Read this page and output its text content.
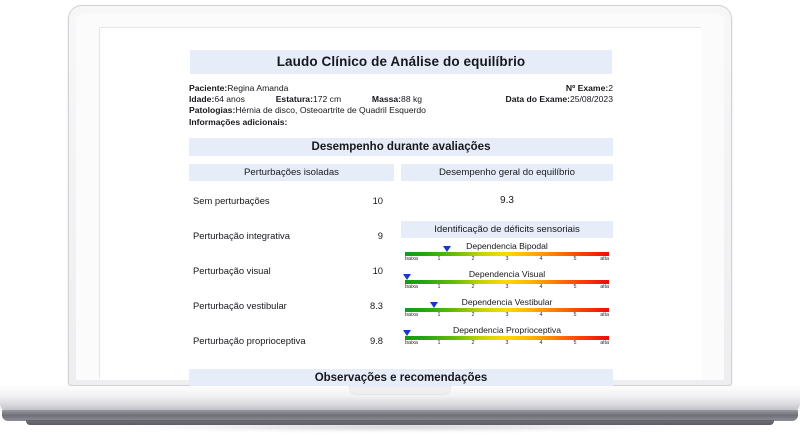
Laudo Clínico de Análise do equilíbrio
Paciente:Regina Amanda	Nº Exame:2
Idade:64 anos	Estatura:172 cm	Massa:88 kg	Data do Exame:25/08/2023
Patologias:Hérnia de disco, Osteoartrite de Quadril Esquerdo
Informações adicionais:
Desempenho durante avaliações
Perturbações isoladas	Desempenho geral do equilíbrio
Sem perturbações	10
Perturbação integrativa	9
Perturbação visual	10
Perturbação vestibular	8.3
Perturbação proprioceptiva	9.8
9.3
Identificação de déficits sensoriais
Dependencia Bipodal
baixa	1	2	3	4	5	alta
Dependencia Visual
baixa	1	2	3	4	5	alta
Dependencia Vestibular
baixa	1	2	3	4	5	alta
Dependencia Proprioceptiva
baixa	1	2	3	4	5	alta
Observações e recomendações
